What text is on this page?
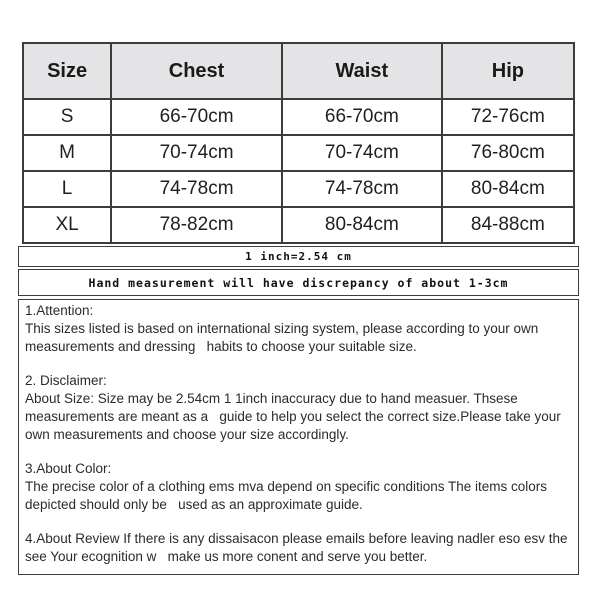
Size	Chest	Waist	Hip
S	66-70cm	66-70cm	72-76cm
M	70-74cm	70-74cm	76-80cm
L	74-78cm	74-78cm	80-84cm
XL	78-82cm	80-84cm	84-88cm
1 inch=2.54 cm
Hand measurement will have discrepancy of about 1-3cm
1.Attention:
This sizes listed is based on international sizing system, please according to your own measurements and dressing   habits to choose your suitable size.
2. Disclaimer:
About Size: Size may be 2.54cm 1 1inch inaccuracy due to hand measuer. Thsese measurements are meant as a   guide to help you select the correct size.Please take your own measurements and choose your size accordingly.
3.About Color:
The precise color of a clothing ems mva depend on specific conditions The items colors depicted should only be   used as an approximate guide.
4.About Review If there is any dissaisacon please emails before leaving nadler eso esv the see Your ecognition w   make us more conent and serve you better.
